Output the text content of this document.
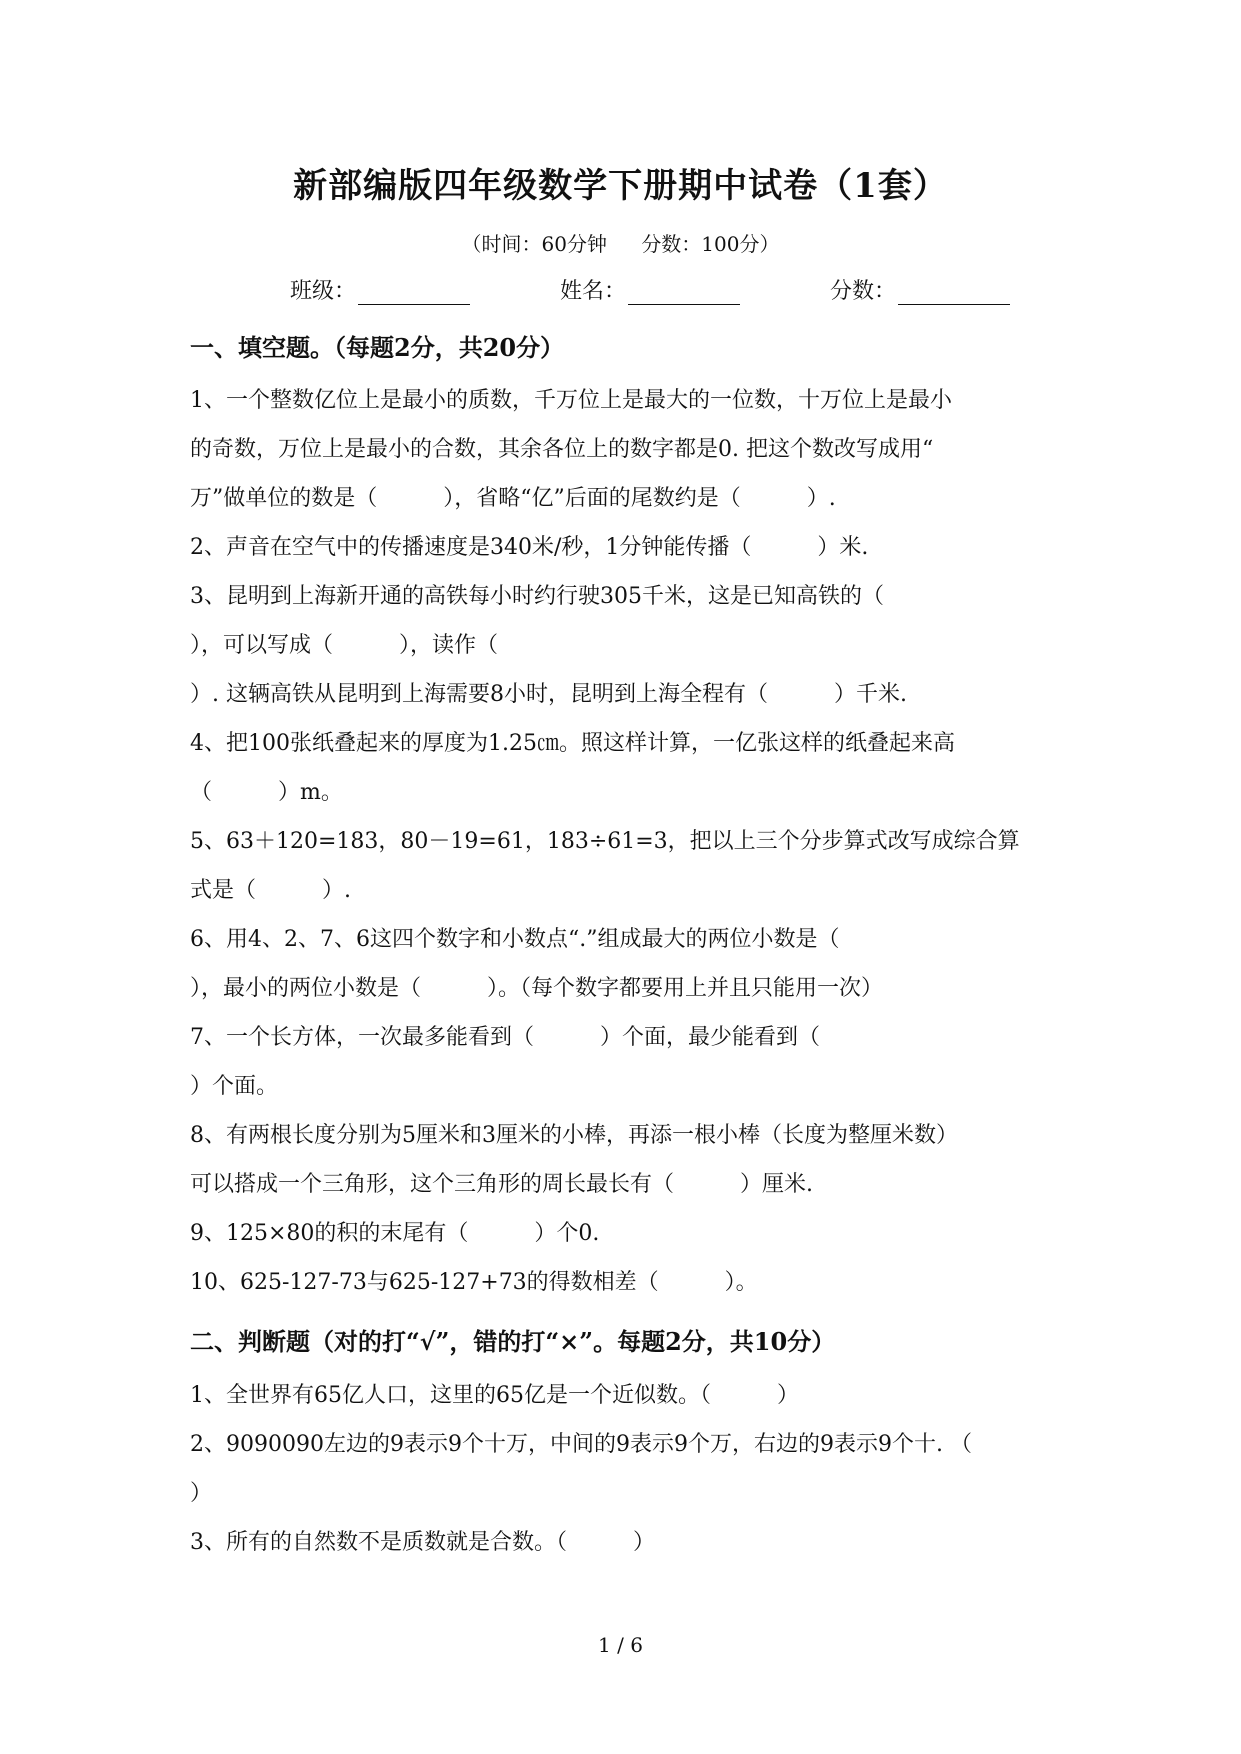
新部编版四年级数学下册期中试卷（1套）
（时间：60分钟 分数：100分）
班级：	姓名：	分数：
一、填空题。（每题2分，共20分）
1、一个整数亿位上是最小的质数，千万位上是最大的一位数，十万位上是最小
的奇数，万位上是最小的合数，其余各位上的数字都是0. 把这个数改写成用“
万”做单位的数是（　　　），省略“亿”后面的尾数约是（　　　）.
2、声音在空气中的传播速度是340米/秒，1分钟能传播（　　　）米.
3、昆明到上海新开通的高铁每小时约行驶305千米，这是已知高铁的（
），可以写成（　　　），读作（
）. 这辆高铁从昆明到上海需要8小时，昆明到上海全程有（　　　）千米.
4、把100张纸叠起来的厚度为1.25㎝。照这样计算，一亿张这样的纸叠起来高
（　　　）m。
5、63＋120=183，80－19=61，183÷61=3，把以上三个分步算式改写成综合算
式是（　　　）.
6、用4、2、7、6这四个数字和小数点“.”组成最大的两位小数是（
），最小的两位小数是（　　　）。（每个数字都要用上并且只能用一次）
7、一个长方体，一次最多能看到（　　　）个面，最少能看到（
）个面。
8、有两根长度分别为5厘米和3厘米的小棒，再添一根小棒（长度为整厘米数）
可以搭成一个三角形，这个三角形的周长最长有（　　　）厘米.
9、125×80的积的末尾有（　　　）个0.
10、625-127-73与625-127+73的得数相差（　　　）。
二、判断题（对的打“√”，错的打“×”。每题2分，共10分）
1、全世界有65亿人口，这里的65亿是一个近似数。（　　　）
2、9090090左边的9表示9个十万，中间的9表示9个万，右边的9表示9个十. （
）
3、所有的自然数不是质数就是合数。（　　　）
1 / 6
